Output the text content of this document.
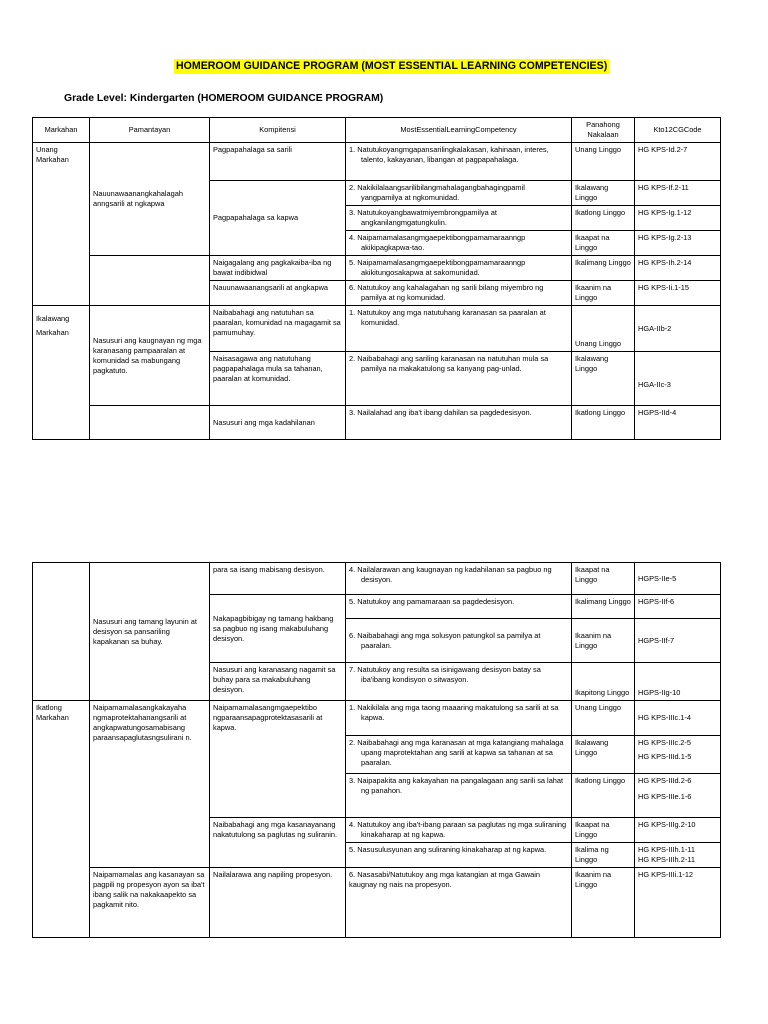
HOMEROOM GUIDANCE PROGRAM (MOST ESSENTIAL LEARNING COMPETENCIES)
Grade Level: Kindergarten (HOMEROOM GUIDANCE PROGRAM)
Markahan	Pamantayan	Kompitensi	MostEssentialLearningCompetency	Panahong Nakalaan	Kto12CGCode
Unang Markahan	Nauunawaanangkahalagah anngsarili at ngkapwa	Pagpapahalaga sa sarili	1. Natutukoyangmgapansarilingkalakasan, kahinaan, interes, talento, kakayanan, libangan at pagpapahalaga.	Unang Linggo	HG KPS-Id.2-7
		Pagpapahalaga sa kapwa	2. Nakikilalaangsarilibilangmahalagangbahagingpamil yangpamilya at ngkomunidad.	Ikalawang Linggo	HG KPS-If.2-11

			3. Natutukoyangbawatmiyembrongpamilya at angkanilangmgatungkulin.	Ikatlong Linggo	HG KPS-Ig.1-12

			4. Naipamamalasangmgaepektibongpamamaraanngp akikipagkapwa-tao.	Ikaapat na Linggo	HG KPS-Ig.2-13
		Naigagalang ang pagkakaiba-iba ng bawat indibidwal	5. Naipamamalasangmgaepektibongpamamaraanngp akikitungosakapwa at sakomunidad.	Ikalimang Linggo	HG KPS-Ih.2-14
		Nauunawaanangsarili at angkapwa	6. Natutukoy ang kahalagahan ng sarili bilang miyembro ng pamilya at ng komunidad.	Ikaanim na Linggo	HG KPS-Ii.1-15
Ikalawang Markahan	Nasusuri ang kaugnayan ng mga karanasang pampaaralan at komunidad sa mabungang pagkatuto.	Naibabahagi ang natutuhan sa paaralan, komunidad na magagamit sa pamumuhay.	1. Natutukoy ang mga natutuhang karanasan sa paaralan at komunidad.	Unang Linggo	HGA-IIb-2
		Naisasagawa ang natutuhang pagpapahalaga mula sa tahanan, paaralan at komunidad.	2. Naibabahagi ang sariling karanasan na natutuhan mula sa pamilya na makakatulong sa kanyang pag-unlad.	Ikalawang Linggo	HGA-IIc-3
		Nasusuri ang mga kadahilanan	3. Nailalahad ang iba't ibang dahilan sa pagdedesisyon.	Ikatlong Linggo	HGPS-IId-4
	Nasusuri ang tamang layunin at desisyon sa pansariling kapakanan sa buhay.	para sa isang mabisang desisyon.	4. Nailalarawan ang kaugnayan ng kadahilanan sa pagbuo ng desisyon.	Ikaapat na Linggo	HGPS-IIe-5
		Nakapagbibigay ng tamang hakbang sa pagbuo ng isang makabuluhang desisyon.	5. Natutukoy ang pamamaraan sa pagdedesisyon.	Ikalimang Linggo	HGPS-IIf-6

			6. Naibabahagi ang mga solusyon patungkol sa pamilya at paaralan.	Ikaanim na Linggo	HGPS-IIf-7
		Nasusuri ang karanasang nagamit sa buhay para sa makabuluhang desisyon.	7. Natutukoy ang resulta sa isinigawang desisyon batay sa iba'ibang kondisyon o sitwasyon.	Ikapitong Linggo	HGPS-IIg-10
Ikatlong Markahan	Naipamamalasangkakayaha ngmaprotektahanangsarili at angkapwatungosamabisang paraansapaglutasngsulirani n.	Naipamamalasangmgaepektibo ngparaansapagprotektasasarili at kapwa.	1. Nakikilala ang mga taong maaaring makatulong sa sarili at sa kapwa.	Unang Linggo	HG KPS-IIIc.1-4

			2. Naibabahagi ang mga karanasan at mga katangiang mahalaga upang maprotektahan ang sarili at kapwa sa tahanan at sa paaralan.	Ikalawang Linggo	HG KPS-IIIc.2-5
HG KPS-IIId.1-5

			3. Naipapakita ang kakayahan na pangalagaan ang sarili sa lahat ng panahon.	Ikatlong Linggo	HG KPS-IIId.2-6
HG KPS-IIIe.1-6

		Naibabahagi ang mga kasanayanang nakatutulong sa paglutas ng suliranin.	4. Natutukoy ang iba't-ibang paraan sa paglutas ng mga suliraning kinakaharap at ng kapwa.	Ikaapat na Linggo	HG KPS-IIIg.2-10

			5. Nasusulusyunan ang suliraning kinakaharap at ng kapwa.	Ikalima ng Linggo	HG KPS-IIIh.1-11
HG KPS-IIIh.2-11

	Naipamamalas ang kasanayan sa pagpili ng propesyon ayon sa iba't ibang salik na nakakaapekto sa pagkamit nito.	Nailalarawa ang napiling propesyon.	6. Nasasabi/Natutukoy ang mga katangian at mga Gawain kaugnay ng nais na propesyon.	Ikaanim na Linggo	HG KPS-IIIi.1-12
